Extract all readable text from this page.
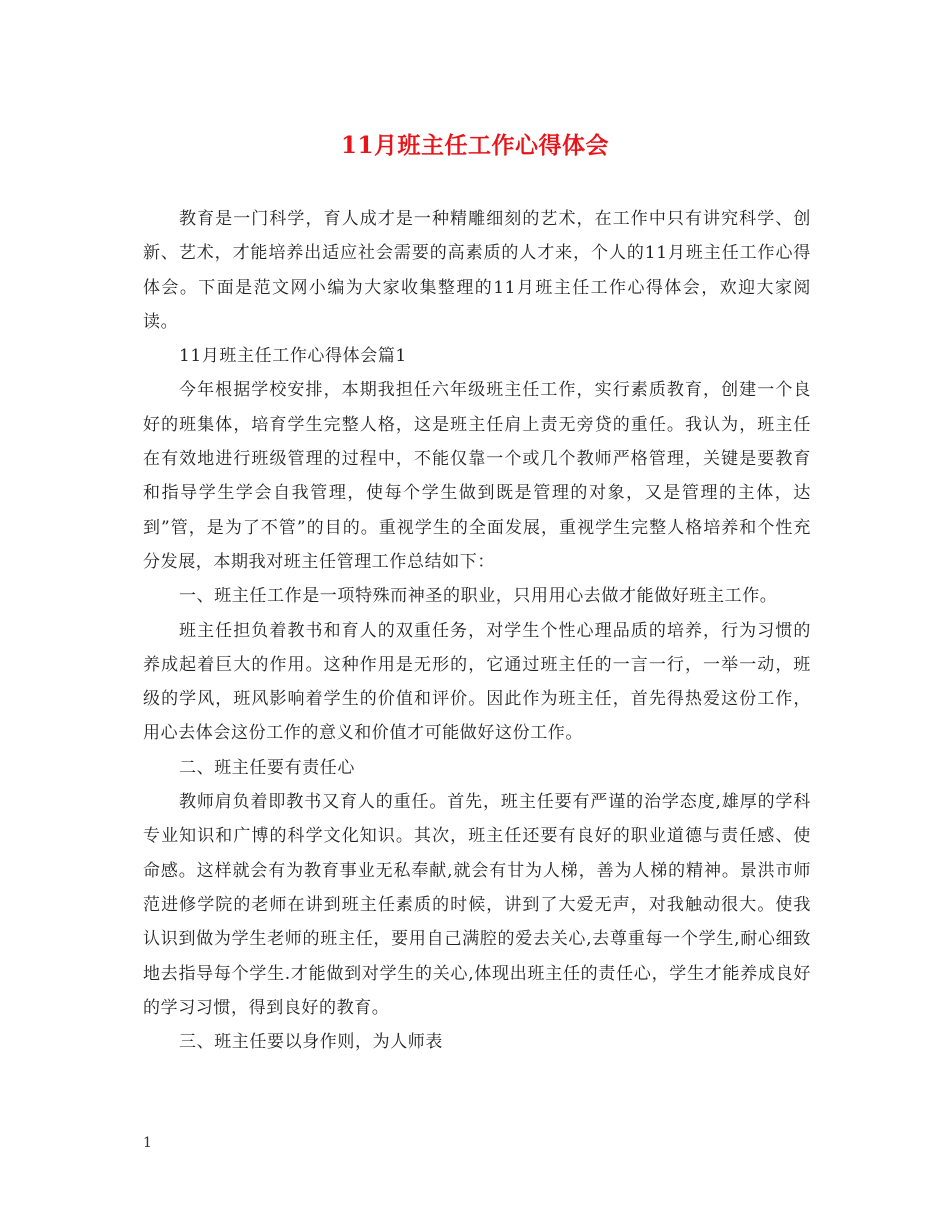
11月班主任工作心得体会

教育是一门科学，育人成才是一种精雕细刻的艺术，在工作中只有讲究科学、创新、艺术，才能培养出适应社会需要的高素质的人才来，个人的11月班主任工作心得体会。下面是范文网小编为大家收集整理的11月班主任工作心得体会，欢迎大家阅读。

11月班主任工作心得体会篇1

今年根据学校安排，本期我担任六年级班主任工作，实行素质教育，创建一个良好的班集体，培育学生完整人格，这是班主任肩上责无旁贷的重任。我认为，班主任在有效地进行班级管理的过程中，不能仅靠一个或几个教师严格管理，关键是要教育和指导学生学会自我管理，使每个学生做到既是管理的对象，又是管理的主体，达到”管，是为了不管”的目的。重视学生的全面发展，重视学生完整人格培养和个性充分发展，本期我对班主任管理工作总结如下：

一、班主任工作是一项特殊而神圣的职业，只用用心去做才能做好班主工作。

班主任担负着教书和育人的双重任务，对学生个性心理品质的培养，行为习惯的养成起着巨大的作用。这种作用是无形的，它通过班主任的一言一行，一举一动，班级的学风，班风影响着学生的价值和评价。因此作为班主任，首先得热爱这份工作，用心去体会这份工作的意义和价值才可能做好这份工作。

二、班主任要有责任心

教师肩负着即教书又育人的重任。首先，班主任要有严谨的治学态度,雄厚的学科专业知识和广博的科学文化知识。其次，班主任还要有良好的职业道德与责任感、使命感。这样就会有为教育事业无私奉献,就会有甘为人梯，善为人梯的精神。景洪市师范进修学院的老师在讲到班主任素质的时候，讲到了大爱无声，对我触动很大。使我认识到做为学生老师的班主任，要用自己满腔的爱去关心,去尊重每一个学生,耐心细致地去指导每个学生.才能做到对学生的关心,体现出班主任的责任心，学生才能养成良好的学习习惯，得到良好的教育。

三、班主任要以身作则，为人师表

1
